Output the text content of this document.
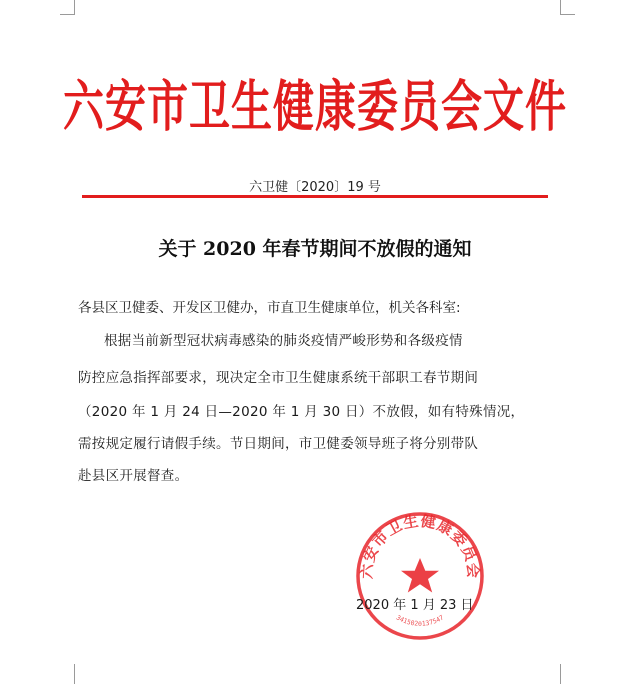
六安市卫生健康委员会文件
六卫健〔2020〕19 号
关于 2020 年春节期间不放假的通知
各县区卫健委、开发区卫健办，市直卫生健康单位，机关各科室:
根据当前新型冠状病毒感染的肺炎疫情严峻形势和各级疫情
防控应急指挥部要求，现决定全市卫生健康系统干部职工春节期间
（2020 年 1 月 24 日—2020 年 1 月 30 日）不放假，如有特殊情况，
需按规定履行请假手续。节日期间，市卫健委领导班子将分别带队
赴县区开展督查。
六安市卫生健康委员会
3415020137547
2020 年 1 月 23 日
